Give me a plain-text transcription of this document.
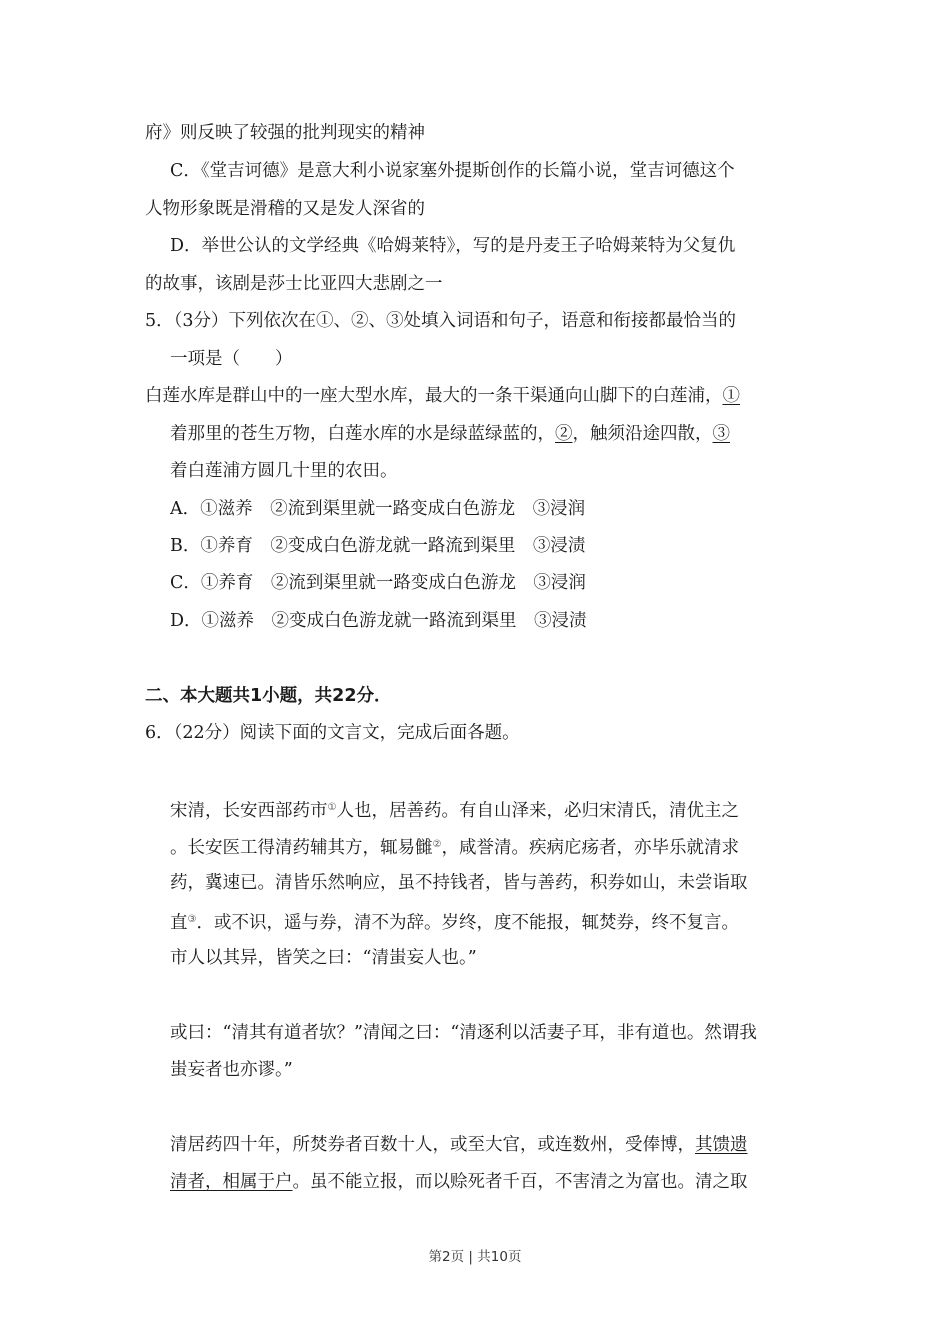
府》则反映了较强的批判现实的精神
C．《堂吉诃德》是意大利小说家塞外提斯创作的长篇小说，堂吉诃德这个
人物形象既是滑稽的又是发人深省的
D．举世公认的文学经典《哈姆莱特》，写的是丹麦王子哈姆莱特为父复仇
的故事，该剧是莎士比亚四大悲剧之一
5．（3分）下列依次在①、②、③处填入词语和句子，语意和衔接都最恰当的
一项是（　　）
白莲水库是群山中的一座大型水库，最大的一条干渠通向山脚下的白莲浦，①
着那里的苍生万物，白莲水库的水是绿蓝绿蓝的，②，触须沿途四散，③
着白莲浦方圆几十里的农田。
A．①滋养　②流到渠里就一路变成白色游龙　③浸润
B．①养育　②变成白色游龙就一路流到渠里　③浸渍
C．①养育　②流到渠里就一路变成白色游龙　③浸润
D．①滋养　②变成白色游龙就一路流到渠里　③浸渍
二、本大题共1小题，共22分．
6．（22分）阅读下面的文言文，完成后面各题。
宋清，长安西部药市①人也，居善药。有自山泽来，必归宋清氏，清优主之
。长安医工得清药辅其方，辄易雠②，咸誉清。疾病庀疡者，亦毕乐就清求
药，冀速已。清皆乐然响应，虽不持钱者，皆与善药，积券如山，未尝诣取
直③．或不识，遥与券，清不为辞。岁终，度不能报，辄焚券，终不复言。
市人以其异，皆笑之曰：“清蚩妄人也。”
或曰：“清其有道者欤？”清闻之曰：“清逐利以活妻子耳，非有道也。然谓我
蚩妄者也亦谬。”
清居药四十年，所焚券者百数十人，或至大官，或连数州，受俸博，其馈遗
清者，相属于户。虽不能立报，而以赊死者千百，不害清之为富也。清之取
第2页 | 共10页
